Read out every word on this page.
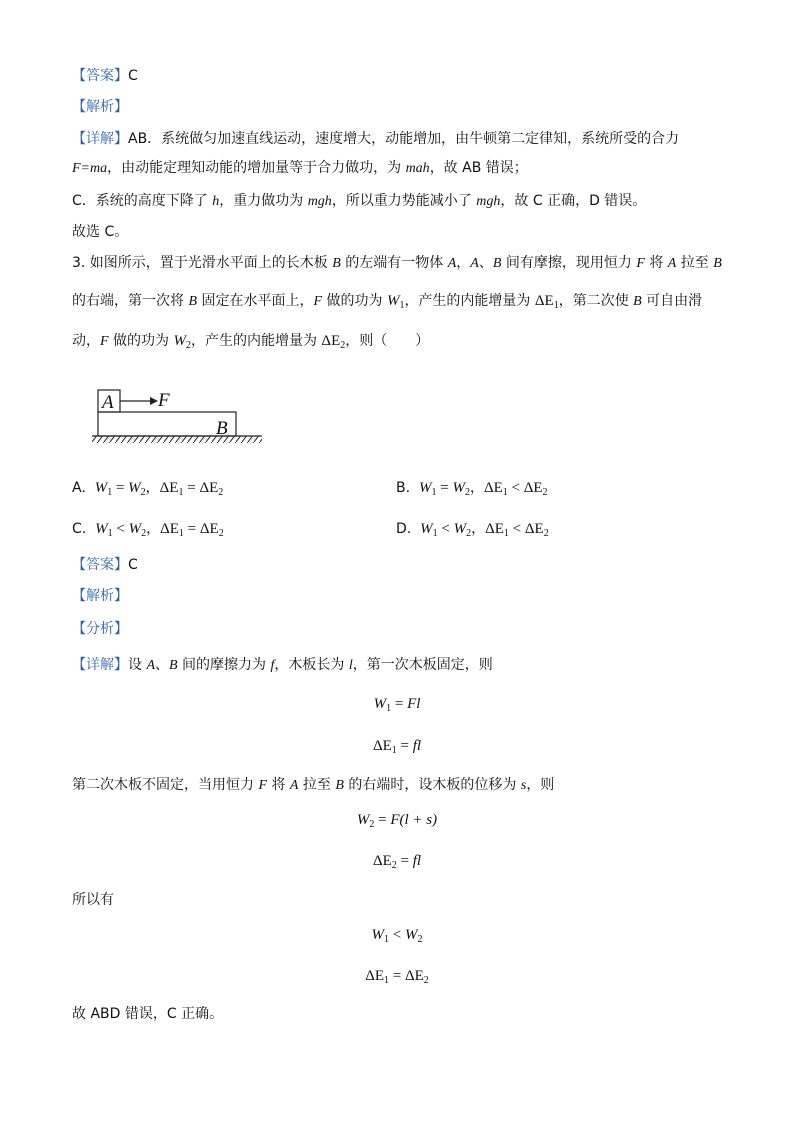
【答案】C
【解析】
【详解】AB．系统做匀加速直线运动，速度增大，动能增加，由牛顿第二定律知，系统所受的合力
F=ma，由动能定理知动能的增加量等于合力做功，为 mah，故 AB 错误；
C．系统的高度下降了 h，重力做功为 mgh，所以重力势能减小了 mgh，故 C 正确，D 错误。
故选 C。
3. 如图所示，置于光滑水平面上的长木板 B 的左端有一物体 A，A、B 间有摩擦，现用恒力 F 将 A 拉至 B
的右端，第一次将 B 固定在水平面上，F 做的功为 $W_1$，产生的内能增量为 $\Delta E_1$，第二次使 B 可自由滑
动，F 做的功为 $W_2$，产生的内能增量为 $\Delta E_2$，则（　　）
A F
B
A. $W_1 = W_2$，$\Delta E_1 = \Delta E_2$	B. $W_1 = W_2$，$\Delta E_1 < \Delta E_2$
C. $W_1 < W_2$，$\Delta E_1 = \Delta E_2$	D. $W_1 < W_2$，$\Delta E_1 < \Delta E_2$
【答案】C
【解析】
【分析】
【详解】设 A、B 间的摩擦力为 f，木板长为 l，第一次木板固定，则
$W_1 = Fl$
$\Delta E_1$ = fl
第二次木板不固定，当用恒力 F 将 A 拉至 B 的右端时，设木板的位移为 s，则
$W_2 = F(l + s)$
$\Delta E_2$ = fl
所以有
$W_1 < W_2$
$\Delta E_1 = \Delta E_2$
故 ABD 错误，C 正确。
